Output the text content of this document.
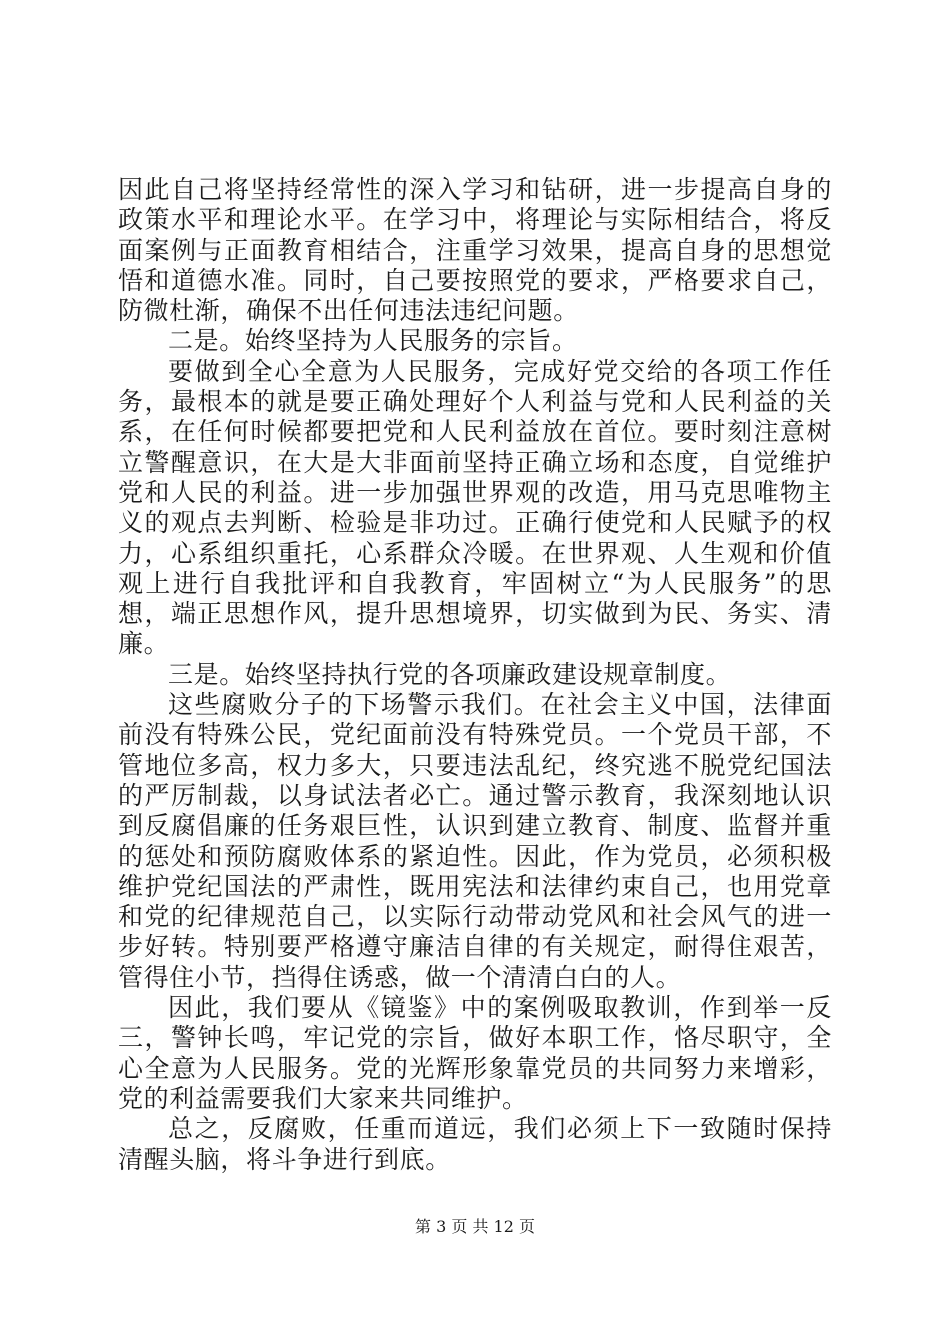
因此自己将坚持经常性的深入学习和钻研，进一步提高自身的政策水平和理论水平。在学习中，将理论与实际相结合，将反面案例与正面教育相结合，注重学习效果，提高自身的思想觉悟和道德水准。同时，自己要按照党的要求，严格要求自己，防微杜渐，确保不出任何违法违纪问题。

二是。始终坚持为人民服务的宗旨。

要做到全心全意为人民服务，完成好党交给的各项工作任务，最根本的就是要正确处理好个人利益与党和人民利益的关系，在任何时候都要把党和人民利益放在首位。要时刻注意树立警醒意识，在大是大非面前坚持正确立场和态度，自觉维护党和人民的利益。进一步加强世界观的改造，用马克思唯物主义的观点去判断、检验是非功过。正确行使党和人民赋予的权力，心系组织重托，心系群众冷暖。在世界观、人生观和价值观上进行自我批评和自我教育，牢固树立“为人民服务”的思想，端正思想作风，提升思想境界，切实做到为民、务实、清廉。

三是。始终坚持执行党的各项廉政建设规章制度。

这些腐败分子的下场警示我们。在社会主义中国，法律面前没有特殊公民，党纪面前没有特殊党员。一个党员干部，不管地位多高，权力多大，只要违法乱纪，终究逃不脱党纪国法的严厉制裁，以身试法者必亡。通过警示教育，我深刻地认识到反腐倡廉的任务艰巨性，认识到建立教育、制度、监督并重的惩处和预防腐败体系的紧迫性。因此，作为党员，必须积极维护党纪国法的严肃性，既用宪法和法律约束自己，也用党章和党的纪律规范自己，以实际行动带动党风和社会风气的进一步好转。特别要严格遵守廉洁自律的有关规定，耐得住艰苦，管得住小节，挡得住诱惑，做一个清清白白的人。

因此，我们要从《镜鉴》中的案例吸取教训，作到举一反三，警钟长鸣，牢记党的宗旨，做好本职工作，恪尽职守，全心全意为人民服务。党的光辉形象靠党员的共同努力来增彩，党的利益需要我们大家来共同维护。

总之，反腐败，任重而道远，我们必须上下一致随时保持清醒头脑，将斗争进行到底。

第 3 页 共 12 页
